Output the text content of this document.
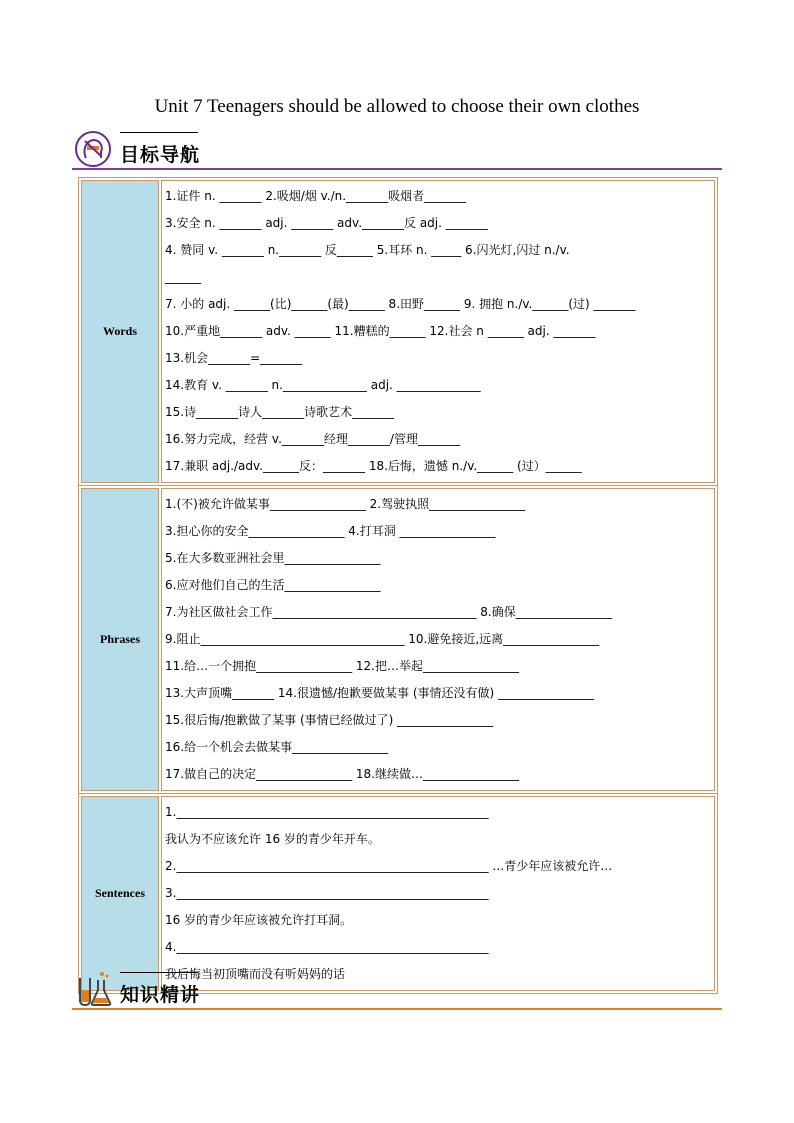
Unit 7 Teenagers should be allowed to choose their own clothes
目标导航
Words
1.证件 n. _______ 2.吸烟/烟 v./n._______吸烟者_______
3.安全 n. _______ adj. _______ adv._______反 adj. _______
4. 赞同 v. _______ n._______ 反______ 5.耳环 n. _____ 6.闪光灯,闪过 n./v.
______
7. 小的 adj. ______(比)______(最)______ 8.田野______ 9. 拥抱 n./v.______(过) _______
10.严重地_______ adv. ______ 11.糟糕的______ 12.社会 n ______ adj. _______
13.机会_______=_______
14.教育 v. _______ n.______________ adj. ______________
15.诗_______诗人_______诗歌艺术_______
16.努力完成，经营 v._______经理_______/管理_______
17.兼职 adj./adv.______反：_______ 18.后悔，遗憾 n./v.______ (过）______
Phrases
1.(不)被允许做某事________________ 2.驾驶执照________________
3.担心你的安全________________ 4.打耳洞 ________________
5.在大多数亚洲社会里________________
6.应对他们自己的生活________________
7.为社区做社会工作__________________________________ 8.确保________________
9.阻止__________________________________ 10.避免接近,远离________________
11.给…一个拥抱________________ 12.把…举起________________
13.大声顶嘴_______ 14.很遗憾/抱歉要做某事 (事情还没有做) ________________
15.很后悔/抱歉做了某事 (事情已经做过了) ________________
16.给一个机会去做某事________________
17.做自己的决定________________ 18.继续做…________________
Sentences
1.____________________________________________________
我认为不应该允许 16 岁的青少年开车。
2.____________________________________________________ …青少年应该被允许…
3.____________________________________________________
16 岁的青少年应该被允许打耳洞。
4.____________________________________________________
我后悔当初顶嘴而没有听妈妈的话
知识精讲
